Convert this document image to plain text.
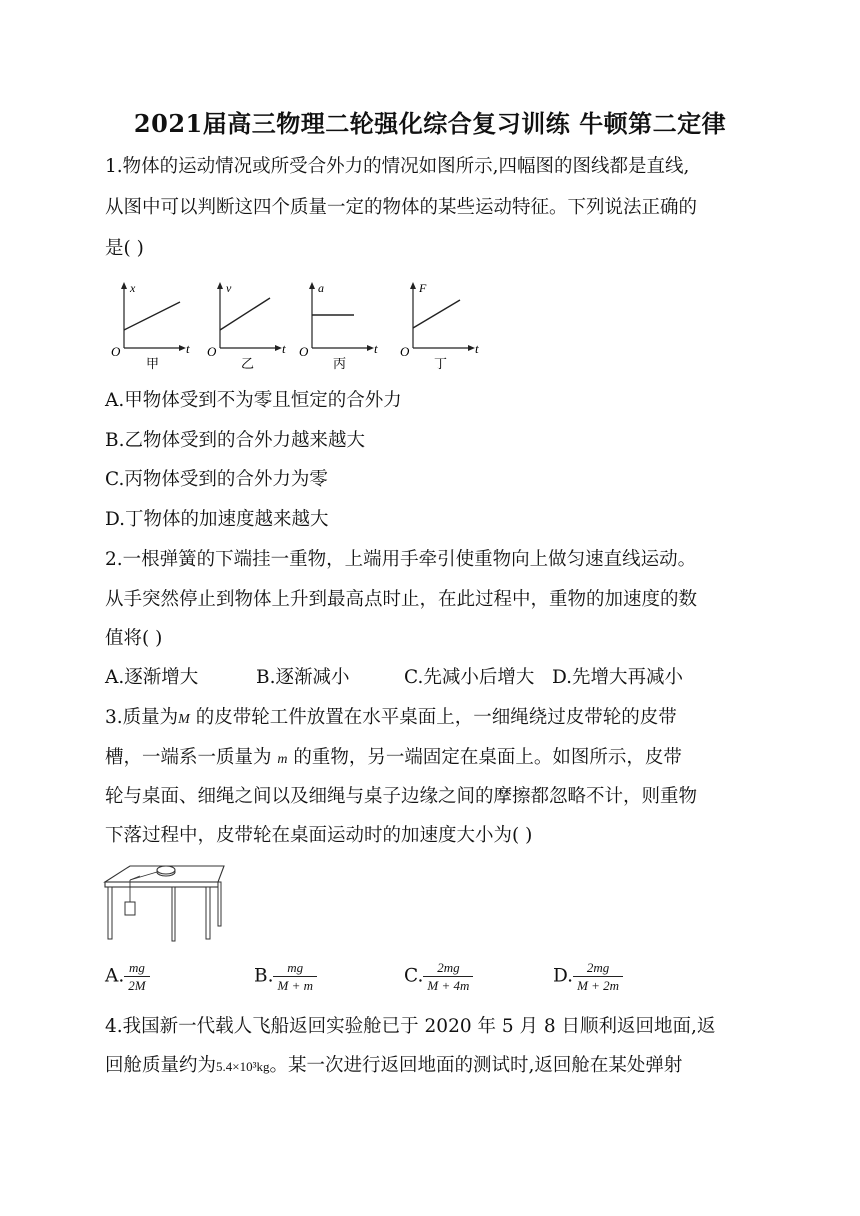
2021届高三物理二轮强化综合复习训练 牛顿第二定律
1.物体的运动情况或所受合外力的情况如图所示,四幅图的图线都是直线,
从图中可以判断这四个质量一定的物体的某些运动特征。下列说法正确的
是( )
x
t
O
甲
v
t
O
乙
a
t
O
丙
F
t
O
丁
A.甲物体受到不为零且恒定的合外力
B.乙物体受到的合外力越来越大
C.丙物体受到的合外力为零
D.丁物体的加速度越来越大
2.一根弹簧的下端挂一重物，上端用手牵引使重物向上做匀速直线运动。
从手突然停止到物体上升到最高点时止，在此过程中，重物的加速度的数
值将( )
A.逐渐增大	B.逐渐减小	C.先减小后增大 D.先增大再减小
3.质量为M 的皮带轮工件放置在水平桌面上，一细绳绕过皮带轮的皮带
槽，一端系一质量为 m 的重物，另一端固定在桌面上。如图所示，皮带
轮与桌面、细绳之间以及细绳与桌子边缘之间的摩擦都忽略不计，则重物
下落过程中，皮带轮在桌面运动时的加速度大小为( )
A. $\frac{mg}{2M}$	B. $\frac{mg}{M + m}$	C. $\frac{2mg}{M + 4m}$	D. $\frac{2mg}{M + 2m}$
4.我国新一代载人飞船返回实验舱已于 2020 年 5 月 8 日顺利返回地面,返
回舱质量约为5.4×10³kg。某一次进行返回地面的测试时,返回舱在某处弹射
